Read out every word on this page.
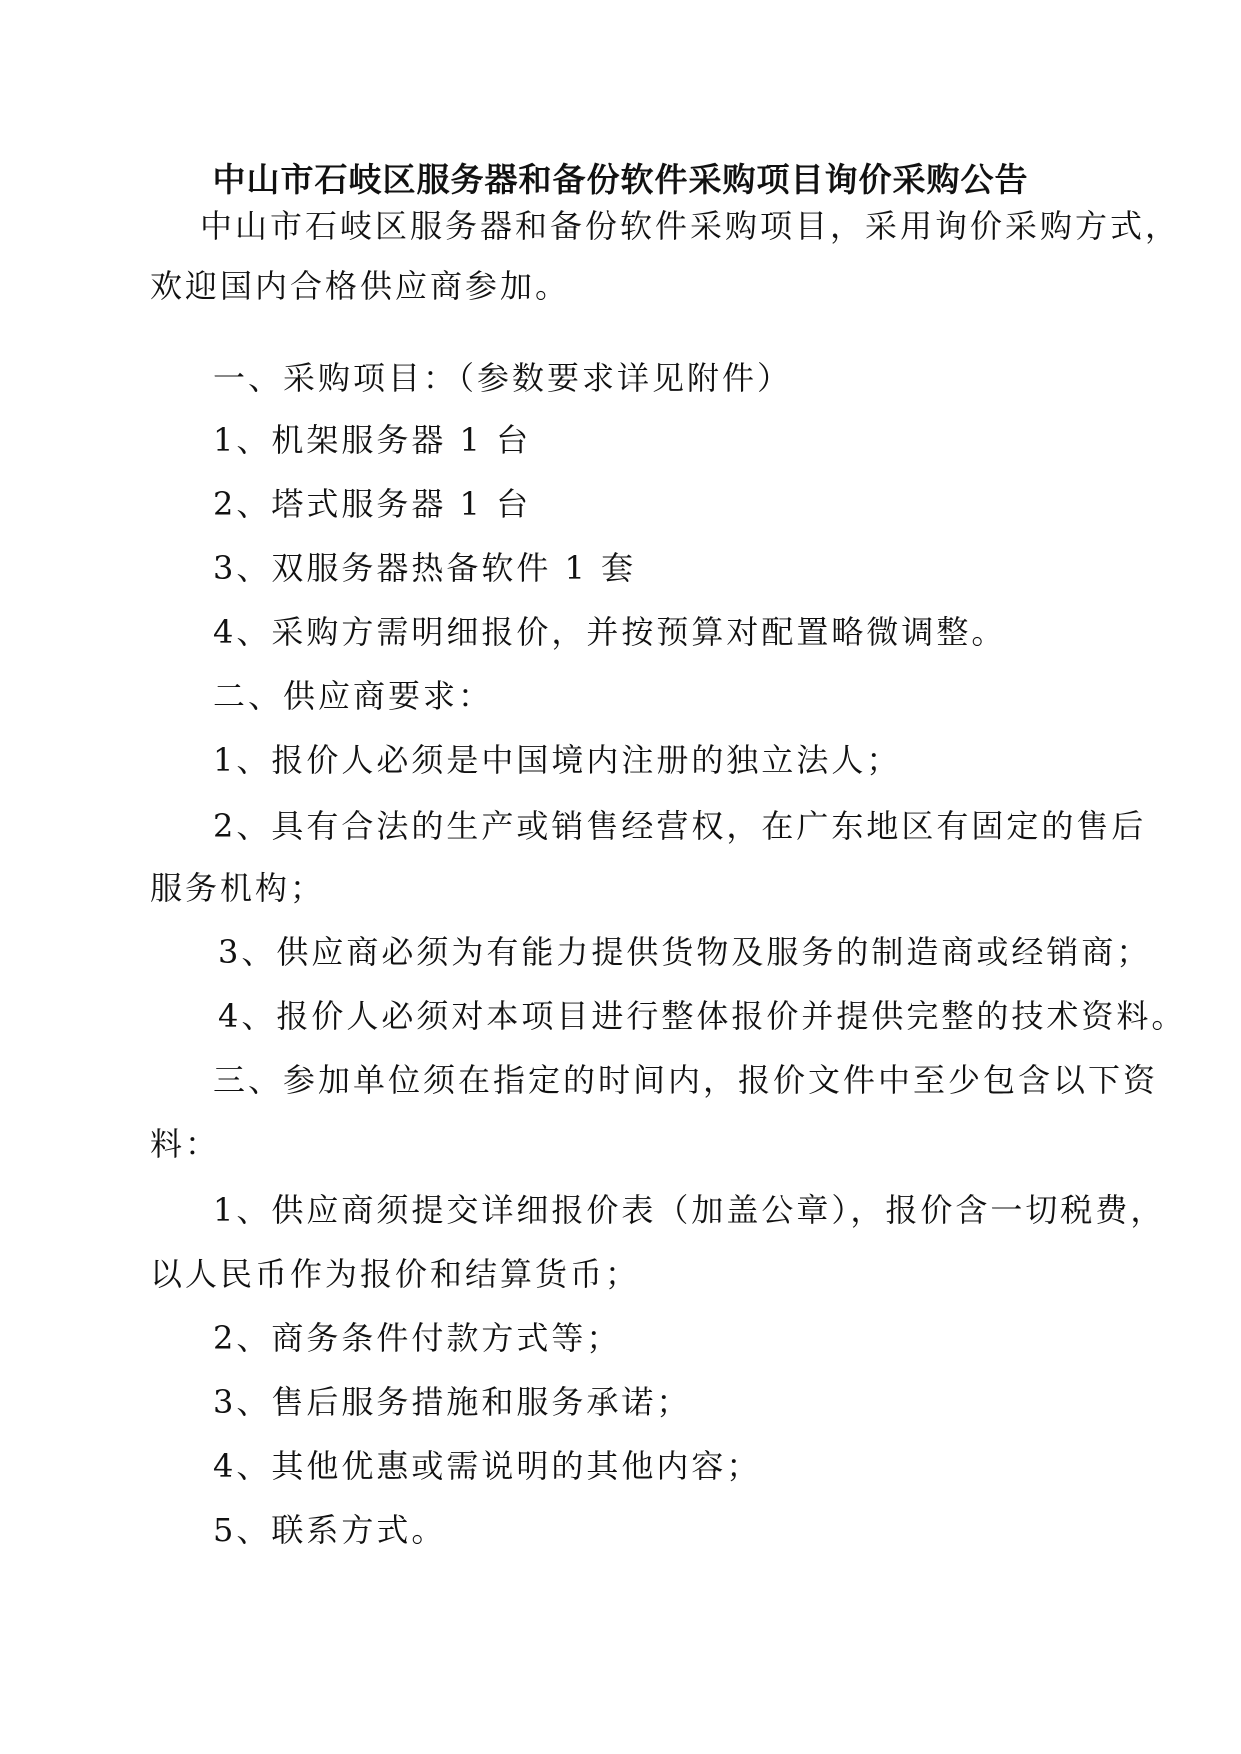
中山市石岐区服务器和备份软件采购项目询价采购公告
中山市石岐区服务器和备份软件采购项目，采用询价采购方式，
欢迎国内合格供应商参加。
一、采购项目：（参数要求详见附件）
1、机架服务器 1 台
2、塔式服务器 1 台
3、双服务器热备软件 1 套
4、采购方需明细报价，并按预算对配置略微调整。
二、供应商要求：
1、报价人必须是中国境内注册的独立法人；
2、具有合法的生产或销售经营权，在广东地区有固定的售后
服务机构；
3、供应商必须为有能力提供货物及服务的制造商或经销商；
4、报价人必须对本项目进行整体报价并提供完整的技术资料。
三、参加单位须在指定的时间内，报价文件中至少包含以下资
料：
1、供应商须提交详细报价表（加盖公章），报价含一切税费，
以人民币作为报价和结算货币；
2、商务条件付款方式等；
3、售后服务措施和服务承诺；
4、其他优惠或需说明的其他内容；
5、联系方式。
